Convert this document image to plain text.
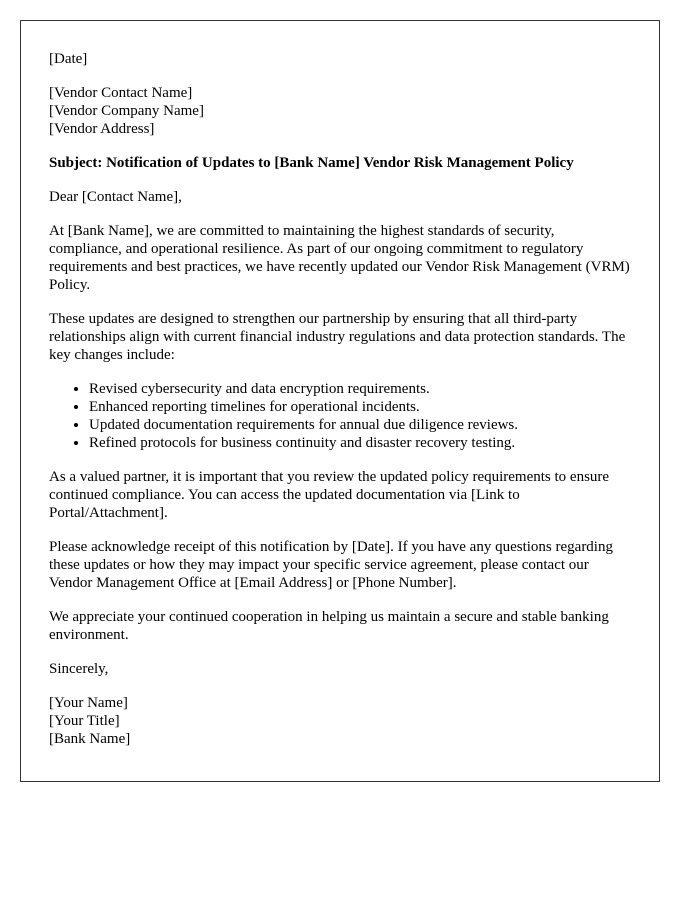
[Date]

[Vendor Contact Name]
[Vendor Company Name]
[Vendor Address]

Subject: Notification of Updates to [Bank Name] Vendor Risk Management Policy

Dear [Contact Name],

At [Bank Name], we are committed to maintaining the highest standards of security, compliance, and operational resilience. As part of our ongoing commitment to regulatory requirements and best practices, we have recently updated our Vendor Risk Management (VRM) Policy.

These updates are designed to strengthen our partnership by ensuring that all third-party relationships align with current financial industry regulations and data protection standards. The key changes include:

• Revised cybersecurity and data encryption requirements.
• Enhanced reporting timelines for operational incidents.
• Updated documentation requirements for annual due diligence reviews.
• Refined protocols for business continuity and disaster recovery testing.

As a valued partner, it is important that you review the updated policy requirements to ensure continued compliance. You can access the updated documentation via [Link to Portal/Attachment].

Please acknowledge receipt of this notification by [Date]. If you have any questions regarding these updates or how they may impact your specific service agreement, please contact our Vendor Management Office at [Email Address] or [Phone Number].

We appreciate your continued cooperation in helping us maintain a secure and stable banking environment.

Sincerely,

[Your Name]
[Your Title]
[Bank Name]
